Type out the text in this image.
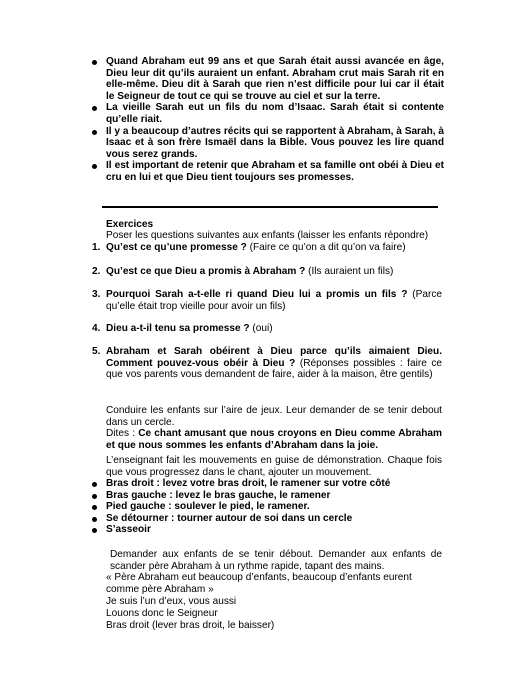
Quand Abraham eut 99 ans et que Sarah était aussi avancée en âge, Dieu leur dit qu’ils auraient un enfant. Abraham crut mais Sarah rit en elle-même. Dieu dit à Sarah que rien n’est difficile pour lui car il était le Seigneur de tout ce qui se trouve au ciel et sur la terre.
La vieille Sarah eut un fils du nom d’Isaac. Sarah était si contente qu’elle riait.
Il y a beaucoup d’autres récits qui se rapportent à Abraham, à Sarah, à Isaac et à son frère Ismaël dans la Bible. Vous pouvez les lire quand vous serez grands.
Il est important de retenir que Abraham et sa famille ont obéi à Dieu et cru en lui et que Dieu tient toujours ses promesses.
Exercices
Poser les questions suivantes aux enfants (laisser les enfants répondre)
1. Qu’est ce qu’une promesse ? (Faire ce qu’on a dit qu’on va faire)
2. Qu’est ce que Dieu a promis à Abraham ? (Ils auraient un fils)
3. Pourquoi Sarah a-t-elle ri quand Dieu lui a promis un fils ? (Parce qu’elle était trop vieille pour avoir un fils)
4. Dieu a-t-il tenu sa promesse ? (oui)
5. Abraham et Sarah obéirent à Dieu parce qu’ils aimaient Dieu. Comment pouvez-vous obéir à Dieu ? (Réponses possibles : faire ce que vos parents vous demandent de faire, aider à la maison, être gentils)
Conduire les enfants sur l’aire de jeux. Leur demander de se tenir debout dans un cercle.
Dites : Ce chant amusant que nous croyons en Dieu comme Abraham et que nous sommes les enfants d’Abraham dans la joie.
L’enseignant fait les mouvements en guise de démonstration. Chaque fois que vous progressez dans le chant, ajouter un mouvement.
Bras droit : levez votre bras droit, le ramener sur votre côté
Bras gauche : levez le bras gauche, le ramener
Pied gauche : soulever le pied, le ramener.
Se détourner : tourner autour de soi dans un cercle
S’asseoir
Demander aux enfants de se tenir débout. Demander aux enfants de scander père Abraham à un rythme rapide, tapant des mains.
« Père Abraham eut beaucoup d’enfants, beaucoup d’enfants eurent comme père Abraham »
Je suis l’un d’eux, vous aussi
Louons donc le Seigneur
Bras droit (lever bras droit, le baisser)
